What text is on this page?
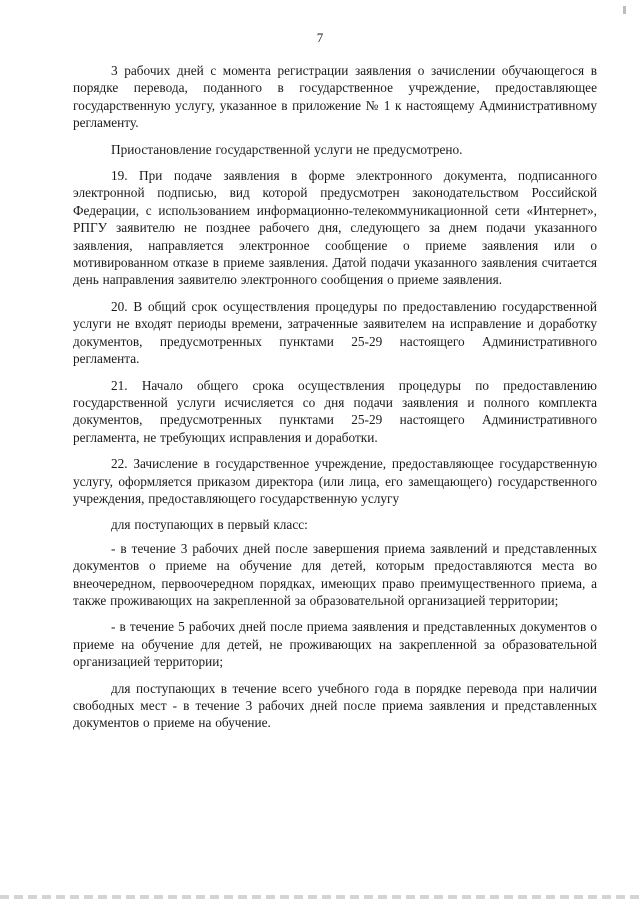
7

3 рабочих дней с момента регистрации заявления о зачислении обучающегося в порядке перевода, поданного в государственное учреждение, предоставляющее государственную услугу, указанное в приложение № 1 к настоящему Административному регламенту.

Приостановление государственной услуги не предусмотрено.

19. При подаче заявления в форме электронного документа, подписанного электронной подписью, вид которой предусмотрен законодательством Российской Федерации, с использованием информационно-телекоммуникационной сети «Интернет», РПГУ заявителю не позднее рабочего дня, следующего за днем подачи указанного заявления, направляется электронное сообщение о приеме заявления или о мотивированном отказе в приеме заявления. Датой подачи указанного заявления считается день направления заявителю электронного сообщения о приеме заявления.

20. В общий срок осуществления процедуры по предоставлению государственной услуги не входят периоды времени, затраченные заявителем на исправление и доработку документов, предусмотренных пунктами 25-29 настоящего Административного регламента.

21. Начало общего срока осуществления процедуры по предоставлению государственной услуги исчисляется со дня подачи заявления и полного комплекта документов, предусмотренных пунктами 25-29 настоящего Административного регламента, не требующих исправления и доработки.

22. Зачисление в государственное учреждение, предоставляющее государственную услугу, оформляется приказом директора (или лица, его замещающего) государственного учреждения, предоставляющего государственную услугу

для поступающих в первый класс:

- в течение 3 рабочих дней после завершения приема заявлений и представленных документов о приеме на обучение для детей, которым предоставляются места во внеочередном, первоочередном порядках, имеющих право преимущественного приема, а также проживающих на закрепленной за образовательной организацией территории;

- в течение 5 рабочих дней после приема заявления и представленных документов о приеме на обучение для детей, не проживающих на закрепленной за образовательной организацией территории;

для поступающих в течение всего учебного года в порядке перевода при наличии свободных мест - в течение 3 рабочих дней после приема заявления и представленных документов о приеме на обучение.
